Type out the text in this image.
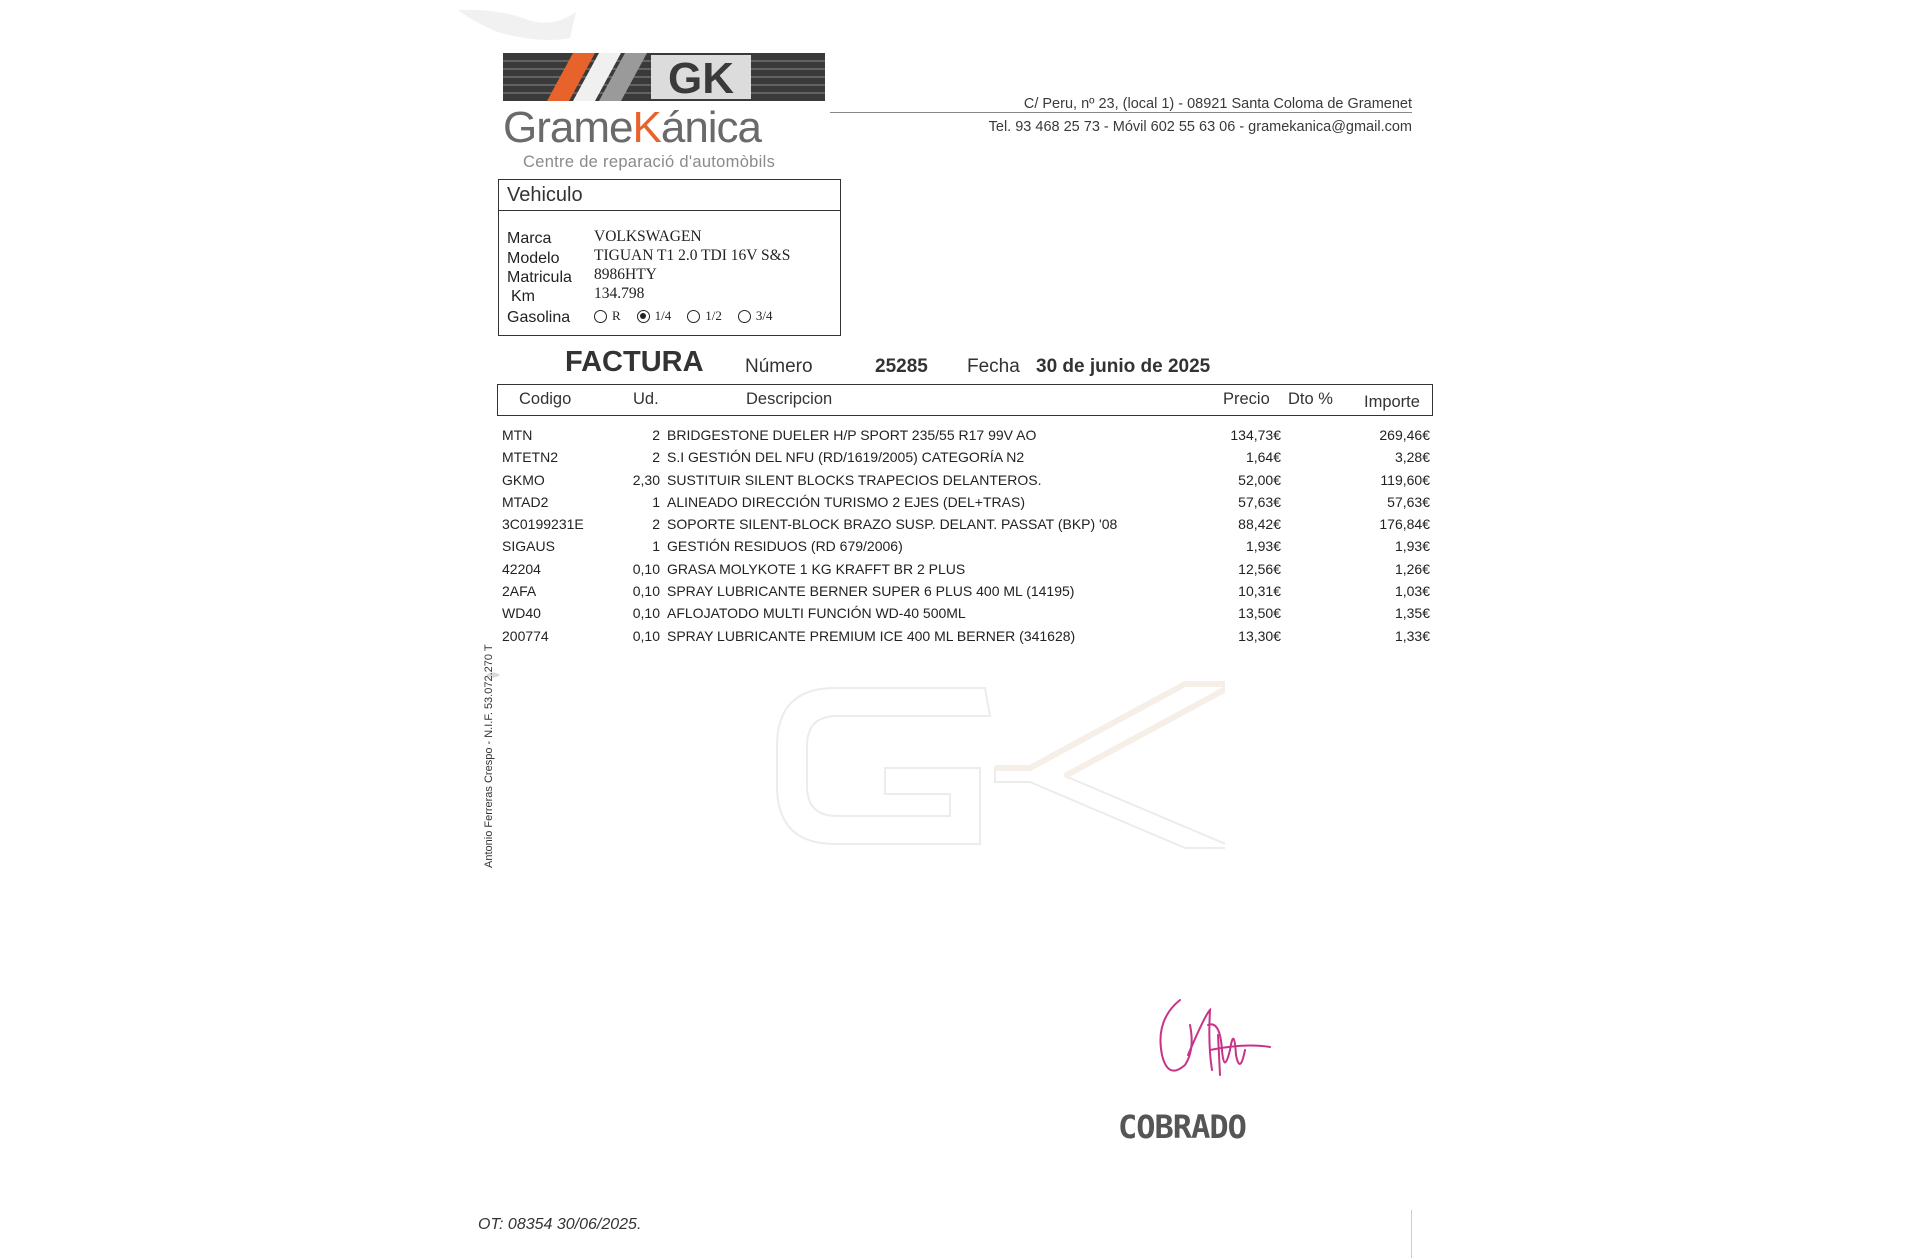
GK
GrameKánica
Centre de reparació d'automòbils
C/ Peru, nº 23, (local 1) - 08921 Santa Coloma de Gramenet
Tel. 93 468 25 73 - Móvil 602 55 63 06 - gramekanica@gmail.com
Vehiculo
Marca	VOLKSWAGEN
Modelo TIGUAN T1 2.0 TDI 16V S&S
Matricula 8986HTY
Km	134.798
Gasolina	R	1/4	1/2	3/4
FACTURA Número	25285 Fecha 30 de junio de 2025
Codigo	Ud.	Descripcion	Precio Dto % Importe
MTN	2 BRIDGESTONE DUELER H/P SPORT 235/55 R17 99V AO	134,73€	269,46€
MTETN2	2 S.I GESTIÓN DEL NFU (RD/1619/2005) CATEGORÍA N2	1,64€	3,28€
GKMO	2,30 SUSTITUIR SILENT BLOCKS TRAPECIOS DELANTEROS.	52,00€	119,60€
MTAD2	1 ALINEADO DIRECCIÓN TURISMO 2 EJES (DEL+TRAS)	57,63€	57,63€
3C0199231E	2 SOPORTE SILENT-BLOCK BRAZO SUSP. DELANT. PASSAT (BKP) '08	88,42€	176,84€
SIGAUS	1 GESTIÓN RESIDUOS (RD 679/2006)	1,93€	1,93€
42204	0,10 GRASA MOLYKOTE 1 KG KRAFFT BR 2 PLUS	12,56€	1,26€
2AFA	0,10 SPRAY LUBRICANTE BERNER SUPER 6 PLUS 400 ML (14195)	10,31€	1,03€
WD40	0,10 AFLOJATODO MULTI FUNCIÓN WD-40 500ML	13,50€	1,35€
200774	0,10 SPRAY LUBRICANTE PREMIUM ICE 400 ML BERNER (341628)	13,30€	1,33€
Antonio Ferreras Crespo - N.I.F. 53.072.270 T
COBRADO
OT: 08354 30/06/2025.
